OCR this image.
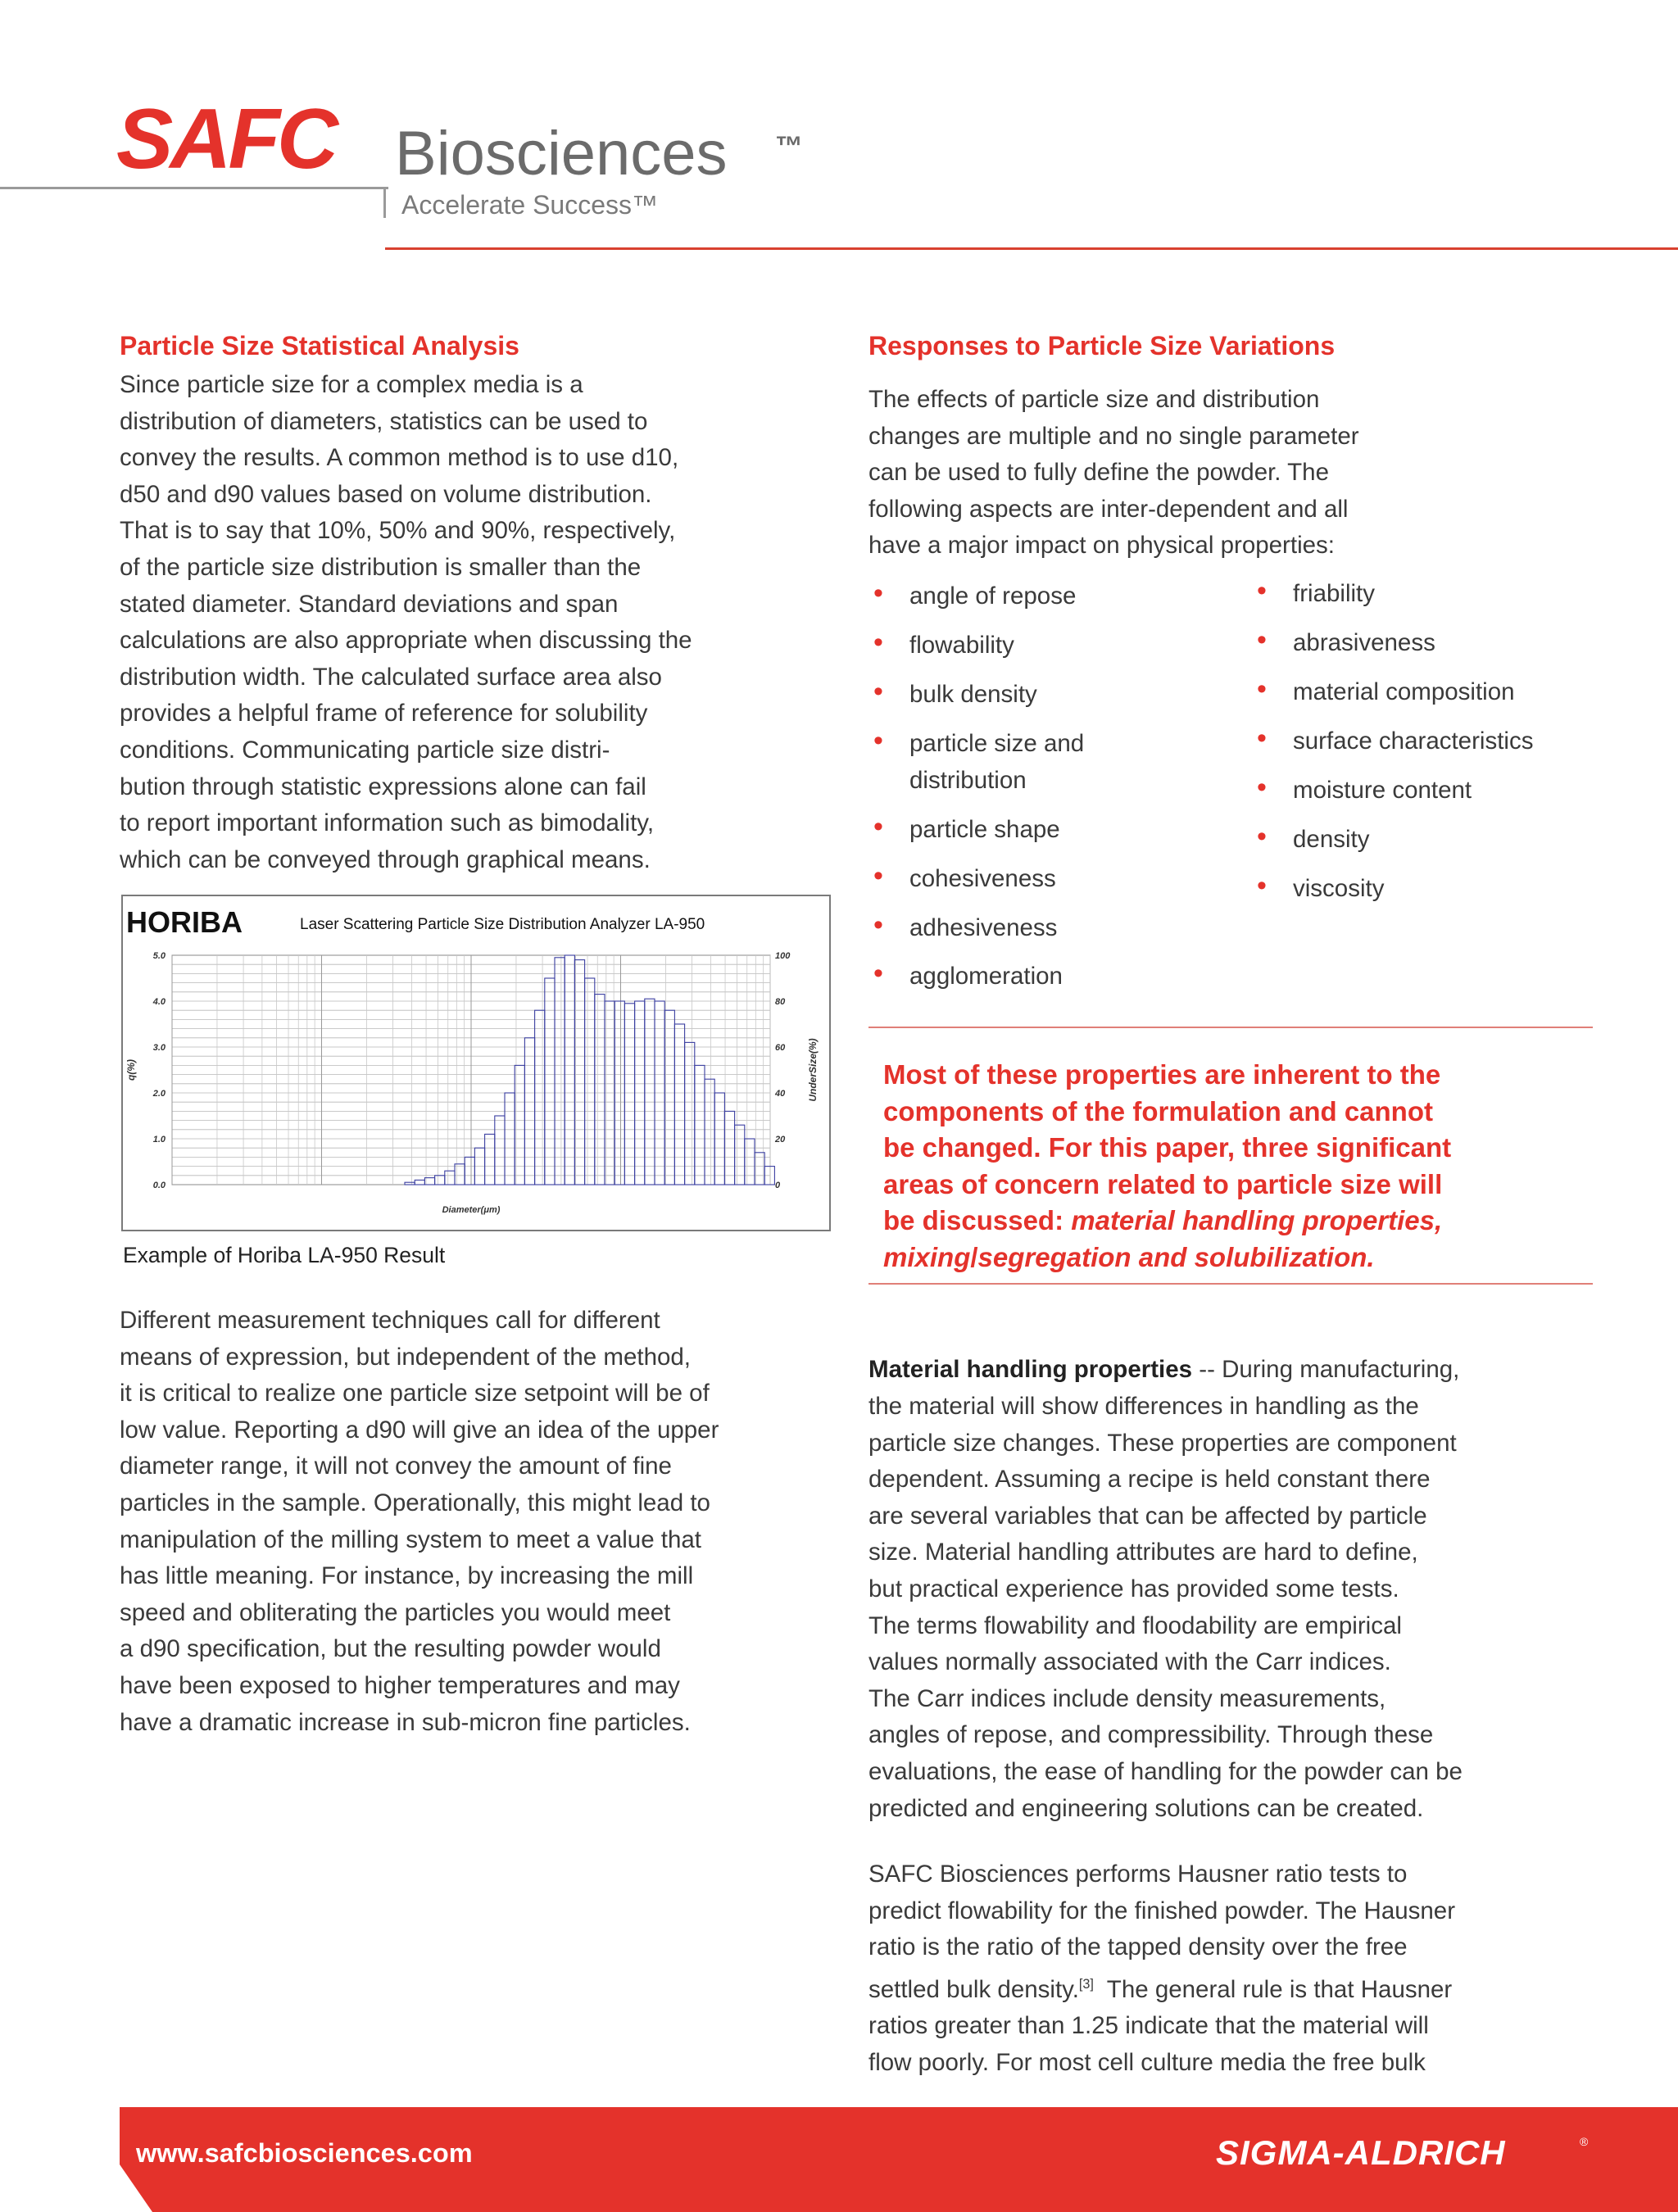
SAFC Biosciences ™
Accelerate Success™
Particle Size Statistical Analysis
Since particle size for a complex media is a
distribution of diameters, statistics can be used to
convey the results. A common method is to use d10,
d50 and d90 values based on volume distribution.
That is to say that 10%, 50% and 90%, respectively,
of the particle size distribution is smaller than the
stated diameter. Standard deviations and span
calculations are also appropriate when discussing the
distribution width. The calculated surface area also
provides a helpful frame of reference for solubility
conditions. Communicating particle size distri-
bution through statistic expressions alone can fail
to report important information such as bimodality,
which can be conveyed through graphical means.
HORIBA	Laser Scattering Particle Size Distribution Analyzer LA-950
0.0
1.0
2.0
3.0
4.0
5.0
0
20
40
60
80
100
q(%)	UnderSize(%)
Diameter(μm)
Example of Horiba LA-950 Result
Different measurement techniques call for different
means of expression, but independent of the method,
it is critical to realize one particle size setpoint will be of
low value. Reporting a d90 will give an idea of the upper
diameter range, it will not convey the amount of fine
particles in the sample. Operationally, this might lead to
manipulation of the milling system to meet a value that
has little meaning. For instance, by increasing the mill
speed and obliterating the particles you would meet
a d90 specification, but the resulting powder would
have been exposed to higher temperatures and may
have a dramatic increase in sub-micron fine particles.
Responses to Particle Size Variations
The effects of particle size and distribution
changes are multiple and no single parameter
can be used to fully define the powder. The
following aspects are inter-dependent and all
have a major impact on physical properties:
• angle of repose
• flowability
• bulk density
• particle size and
distribution
• particle shape
• cohesiveness
• adhesiveness
• agglomeration
• friability
• abrasiveness
• material composition
• surface characteristics
• moisture content
• density
• viscosity
Most of these properties are inherent to the
components of the formulation and cannot
be changed. For this paper, three significant
areas of concern related to particle size will
be discussed: material handling properties,
mixing/segregation and solubilization.
Material handling properties -- During manufacturing,
the material will show differences in handling as the
particle size changes. These properties are component
dependent. Assuming a recipe is held constant there
are several variables that can be affected by particle
size. Material handling attributes are hard to define,
but practical experience has provided some tests.
The terms flowability and floodability are empirical
values normally associated with the Carr indices.
The Carr indices include density measurements,
angles of repose, and compressibility. Through these
evaluations, the ease of handling for the powder can be
predicted and engineering solutions can be created.
SAFC Biosciences performs Hausner ratio tests to
predict flowability for the finished powder. The Hausner
ratio is the ratio of the tapped density over the free
settled bulk density.[3]  The general rule is that Hausner
ratios greater than 1.25 indicate that the material will
flow poorly. For most cell culture media the free bulk
www.safcbiosciences.com	SIGMA-ALDRICH	®
